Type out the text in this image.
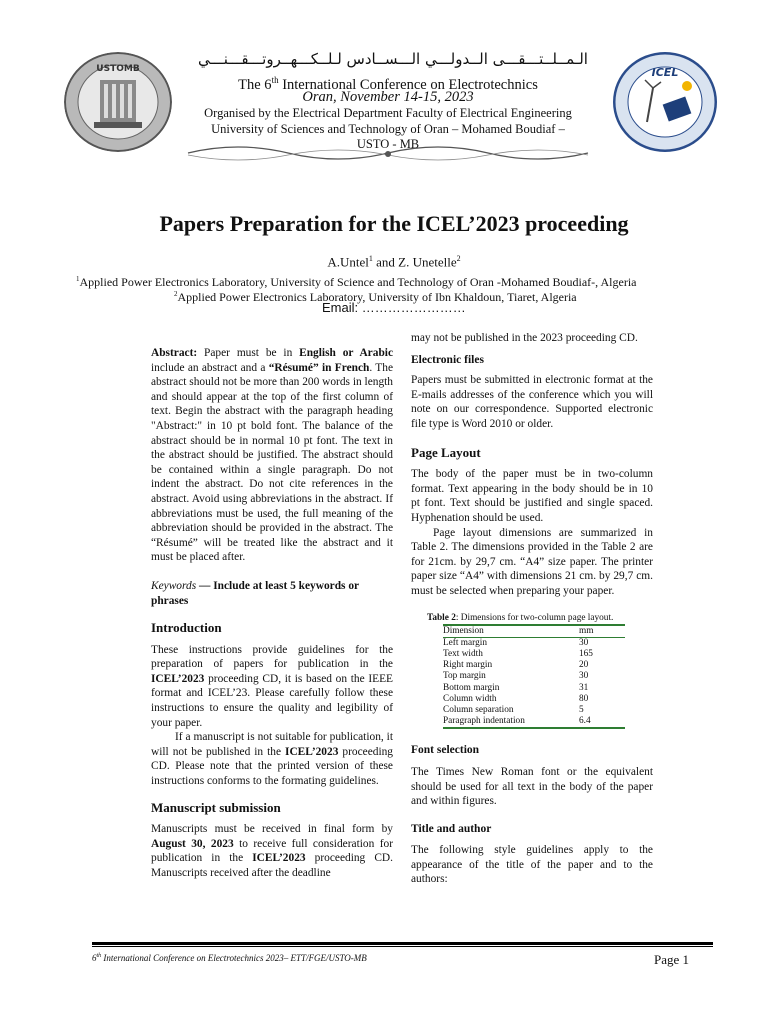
USTOMB	ICEL
الـمــلــتـــقـــى الــدولـــي الـــســادس لـلــكـــهــروتـــقـــنـــي
The 6th International Conference on Electrotechnics
Oran, November 14-15, 2023
Organised by the Electrical Department Faculty of Electrical Engineering
University of Sciences and Technology of Oran – Mohamed Boudiaf –
USTO - MB
Papers Preparation for the ICEL’2023 proceeding
A.Untel$^1$ and Z. Unetelle$^2$
$^1$Applied Power Electronics Laboratory, University of Science and Technology of Oran -Mohamed Boudiaf-, Algeria
$^2$Applied Power Electronics Laboratory, University of Ibn Khaldoun, Tiaret, Algeria
Email: ……………………

Abstract: Paper must be in English or Arabic include an abstract and a “Résumé” in French. The abstract should not be more than 200 words in length and should appear at the top of the first column of text. Begin the abstract with the paragraph heading "Abstract:" in 10 pt bold font. The balance of the abstract should be in normal 10 pt font. The text in the abstract should be justified. The abstract should be contained within a single paragraph. Do not indent the abstract. Do not cite references in the abstract. Avoid using abbreviations in the abstract. If abbreviations must be used, the full meaning of the abbreviation should be provided in the abstract. The “Résumé” will be treated like the abstract and it must be placed after.

Keywords — Include at least 5 keywords or phrases

Introduction

These instructions provide guidelines for the preparation of papers for publication in the ICEL’2023 proceeding CD, it is based on the IEEE format and ICEL’23. Please carefully follow these instructions to ensure the quality and legibility of your paper.

If a manuscript is not suitable for publication, it will not be published in the ICEL’2023 proceeding CD. Please note that the printed version of these instructions conforms to the formating guidelines.

Manuscript submission

Manuscripts must be received in final form by August 30, 2023 to receive full consideration for publication in the ICEL’2023 proceeding CD. Manuscripts received after the deadline

may not be published in the 2023 proceeding CD.

Electronic files

Papers must be submitted in electronic format at the E-mails addresses of the conference which you will note on our correspondence. Supported electronic file type is Word 2010 or older.

Page Layout

The body of the paper must be in two-column format. Text appearing in the body should be in 10 pt font. Text should be justified and single spaced. Hyphenation should be used.

Page layout dimensions are summarized in Table 2. The dimensions provided in the Table 2 are for 21cm. by 29,7 cm. “A4” size paper. The printer paper size “A4” with dimensions 21 cm. by 29,7 cm. must be selected when preparing your paper.

Table 2: Dimensions for two-column page layout.
Dimension	mm
Left margin	30
Text width	165
Right margin	20
Top margin	30
Bottom margin	31
Column width	80
Column separation	5
Paragraph indentation	6.4

Font selection

The Times New Roman font or the equivalent should be used for all text in the body of the paper and within figures.

Title and author

The following style guidelines apply to the appearance of the title of the paper and to the authors:

6th International Conference on Electrotechnics 2023– ETT/FGE/USTO-MB	Page 1
